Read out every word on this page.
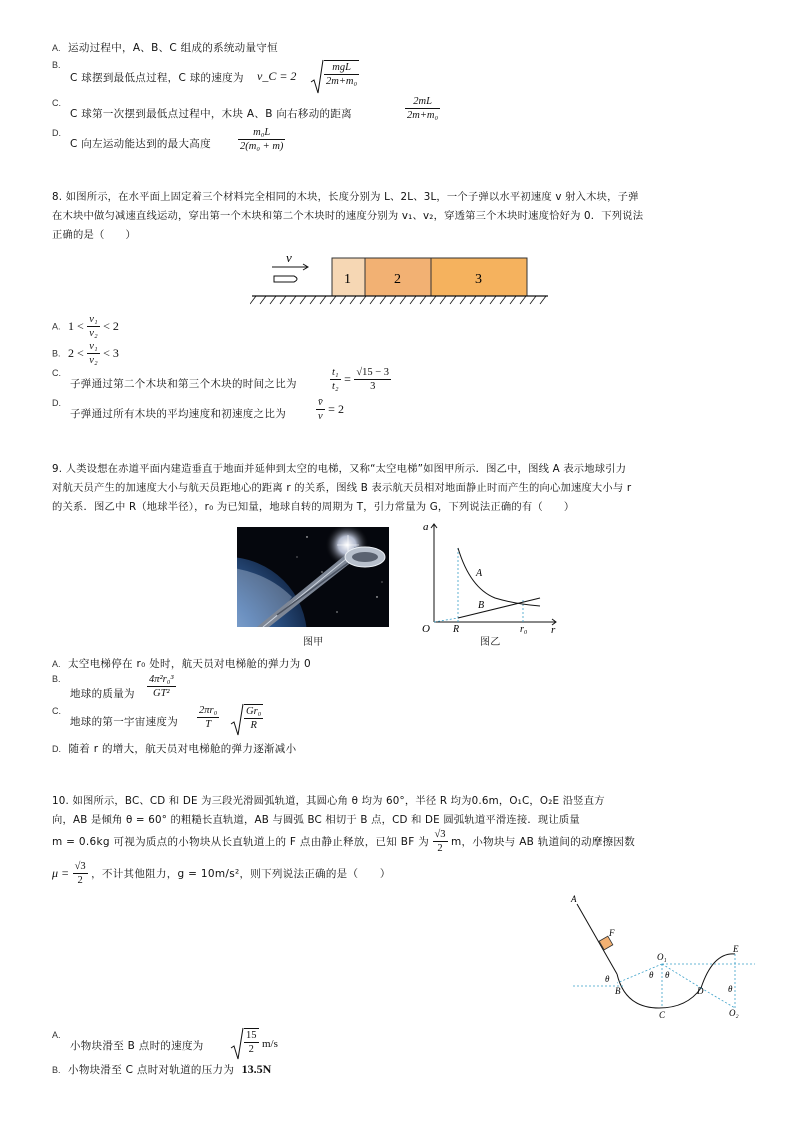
A. 运动过程中，A、B、C 组成的系统动量守恒
B.
C 球摆到最低点过程，C 球的速度为 v_C = 2
mgL
2m+m₀
C.
C 球第一次摆到最低点过程中，木块 A、B 向右移动的距离	$\frac{2mL}{\text{2m+m₀}}$
D.
C 向左运动能达到的最大高度	$\frac{\text{m₀L}}{\text{2(m₀ + m)}}$
8. 如图所示，在水平面上固定着三个材料完全相同的木块，长度分别为 L、2L、3L，一个子弹以水平初速度 v 射入木块，子弹
在木块中做匀减速直线运动，穿出第一个木块和第二个木块时的速度分别为 v₁、v₂，穿透第三个木块时速度恰好为 0．下列说法
正确的是（　　）
v
1	2	3
A. $1 < \frac{\text{v₁}}{\text{v₂}} < 2$
B. $2 < \frac{\text{v₁}}{\text{v₂}} < 3$
C.
子弹通过第二个木块和第三个木块的时间之比为	$\frac{\text{t₁}}{\text{t₂}} = \frac{√15 - 3}{3}$
D.
子弹通过所有木块的平均速度和初速度之比为	$\frac{v̄}{v} = 2$
9. 人类设想在赤道平面内建造垂直于地面并延伸到太空的电梯，又称“太空电梯”如图甲所示．图乙中，图线 A 表示地球引力
对航天员产生的加速度大小与航天员距地心的距离 r 的关系，图线 B 表示航天员相对地面静止时而产生的向心加速度大小与 r
的关系．图乙中 R（地球半径），r₀ 为已知量，地球自转的周期为 T，引力常量为 G，下列说法正确的有（　　）
图甲
a
r
O R	r₀
A
B
图乙
A. 太空电梯停在 r₀ 处时，航天员对电梯舱的弹力为 0
B.
地球的质量为 $\frac{\text{4π²r₀³}}{\text{GT²}}$
C.
地球的第一宇宙速度为 $\frac{\text{2πr₀}}{T} \frac{\text{Gr₀}}{R}$
D. 随着 r 的增大，航天员对电梯舱的弹力逐渐减小
10. 如图所示，BC、CD 和 DE 为三段光滑圆弧轨道，其圆心角 θ 均为 60°，半径 R 均为0.6m，O₁C，O₂E 沿竖直方
向，AB 是倾角 θ = 60° 的粗糙长直轨道，AB 与圆弧 BC 相切于 B 点，CD 和 DE 圆弧轨道平滑连接．现让质量
m = 0.6kg 可视为质点的小物块从长直轨道上的 F 点由静止释放，已知 BF 为 $\frac{√3}{2}$ m，小物块与 AB 轨道间的动摩擦因数
$\mu = \frac{√3}{2}$ ，不计其他阻力，g = 10m/s²，则下列说法正确的是（　　）
A
F
θ
B
O₁
θ θ
C
D
E
θ
O₂
A.
小物块滑至 B 点时的速度为	$\frac{15}{2} m/s$
B. 小物块滑至 C 点时对轨道的压力为 13.5N
